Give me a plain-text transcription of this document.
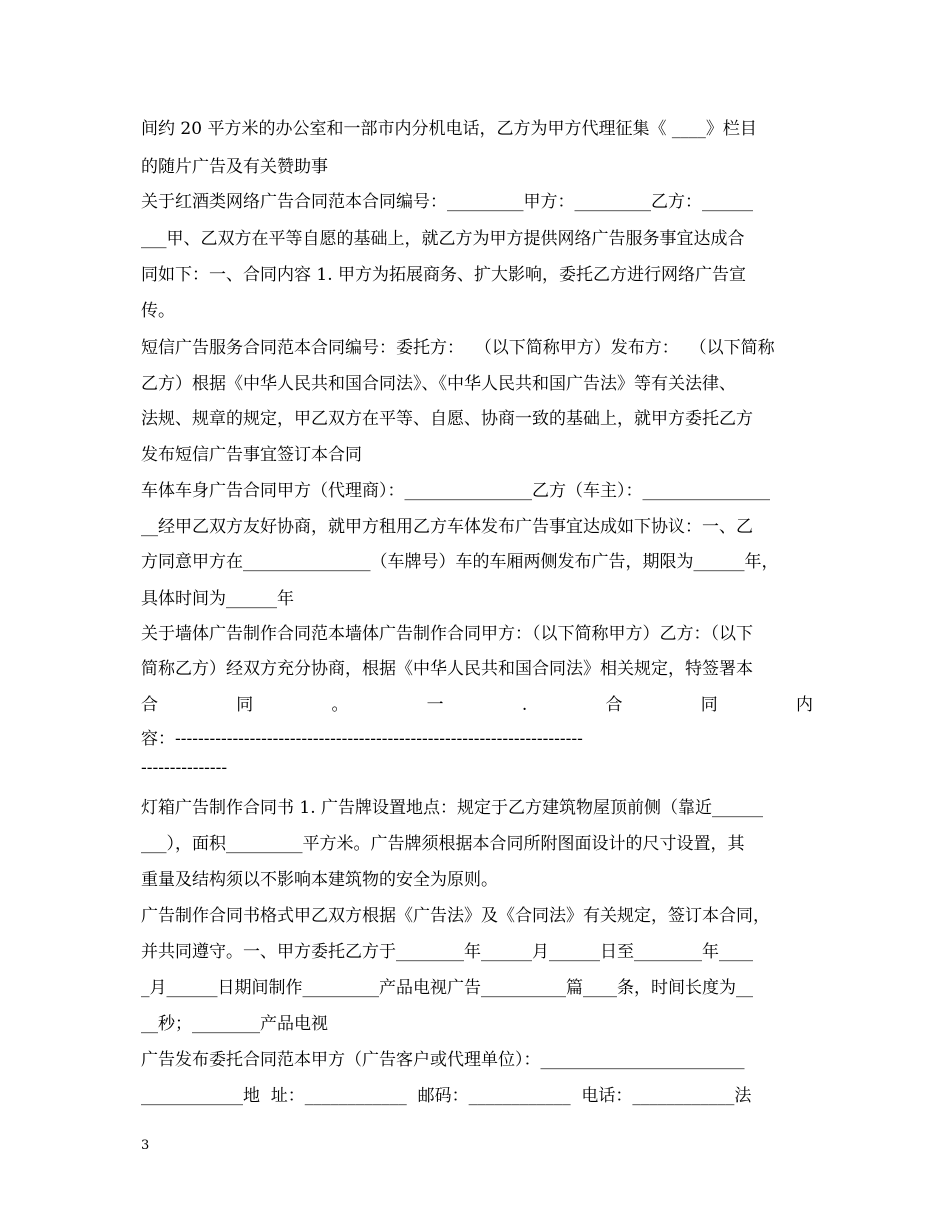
间约 20 平方米的办公室和一部市内分机电话，乙方为甲方代理征集《 ____》栏目
的随片广告及有关赞助事
关于红酒类网络广告合同范本合同编号：_________甲方：_________乙方：______
___甲、乙双方在平等自愿的基础上，就乙方为甲方提供网络广告服务事宜达成合
同如下：一、合同内容 1. 甲方为拓展商务、扩大影响，委托乙方进行网络广告宣
传。
短信广告服务合同范本合同编号：委托方：  （以下简称甲方）发布方：  （以下简称
乙方）根据《中华人民共和国合同法》、《中华人民共和国广告法》等有关法律、
法规、规章的规定，甲乙双方在平等、自愿、协商一致的基础上，就甲方委托乙方
发布短信广告事宜签订本合同
车体车身广告合同甲方（代理商）：_______________乙方（车主）：_______________
__经甲乙双方友好协商，就甲方租用乙方车体发布广告事宜达成如下协议：一、乙
方同意甲方在_______________（车牌号）车的车厢两侧发布广告，期限为______年，
具体时间为______年
关于墙体广告制作合同范本墙体广告制作合同甲方：（以下简称甲方）乙方：（以下
简称乙方）经双方充分协商，根据《中华人民共和国合同法》相关规定，特签署本
合	同	。	一	.	合	同	内
容：-----------------------------------------------------------------------
---------------
灯箱广告制作合同书 1. 广告牌设置地点：规定于乙方建筑物屋顶前侧（靠近______
___），面积_________平方米。广告牌须根据本合同所附图面设计的尺寸设置，其
重量及结构须以不影响本建筑物的安全为原则。
广告制作合同书格式甲乙双方根据《广告法》及《合同法》有关规定，签订本合同，
并共同遵守。一、甲方委托乙方于________年______月______日至________年____
_月______日期间制作_________产品电视广告__________篇____条，时间长度为__
__秒；________产品电视
广告发布委托合同范本甲方（广告客户或代理单位）：________________________
____________地  址：____________  邮码：____________  电话：____________法
3
